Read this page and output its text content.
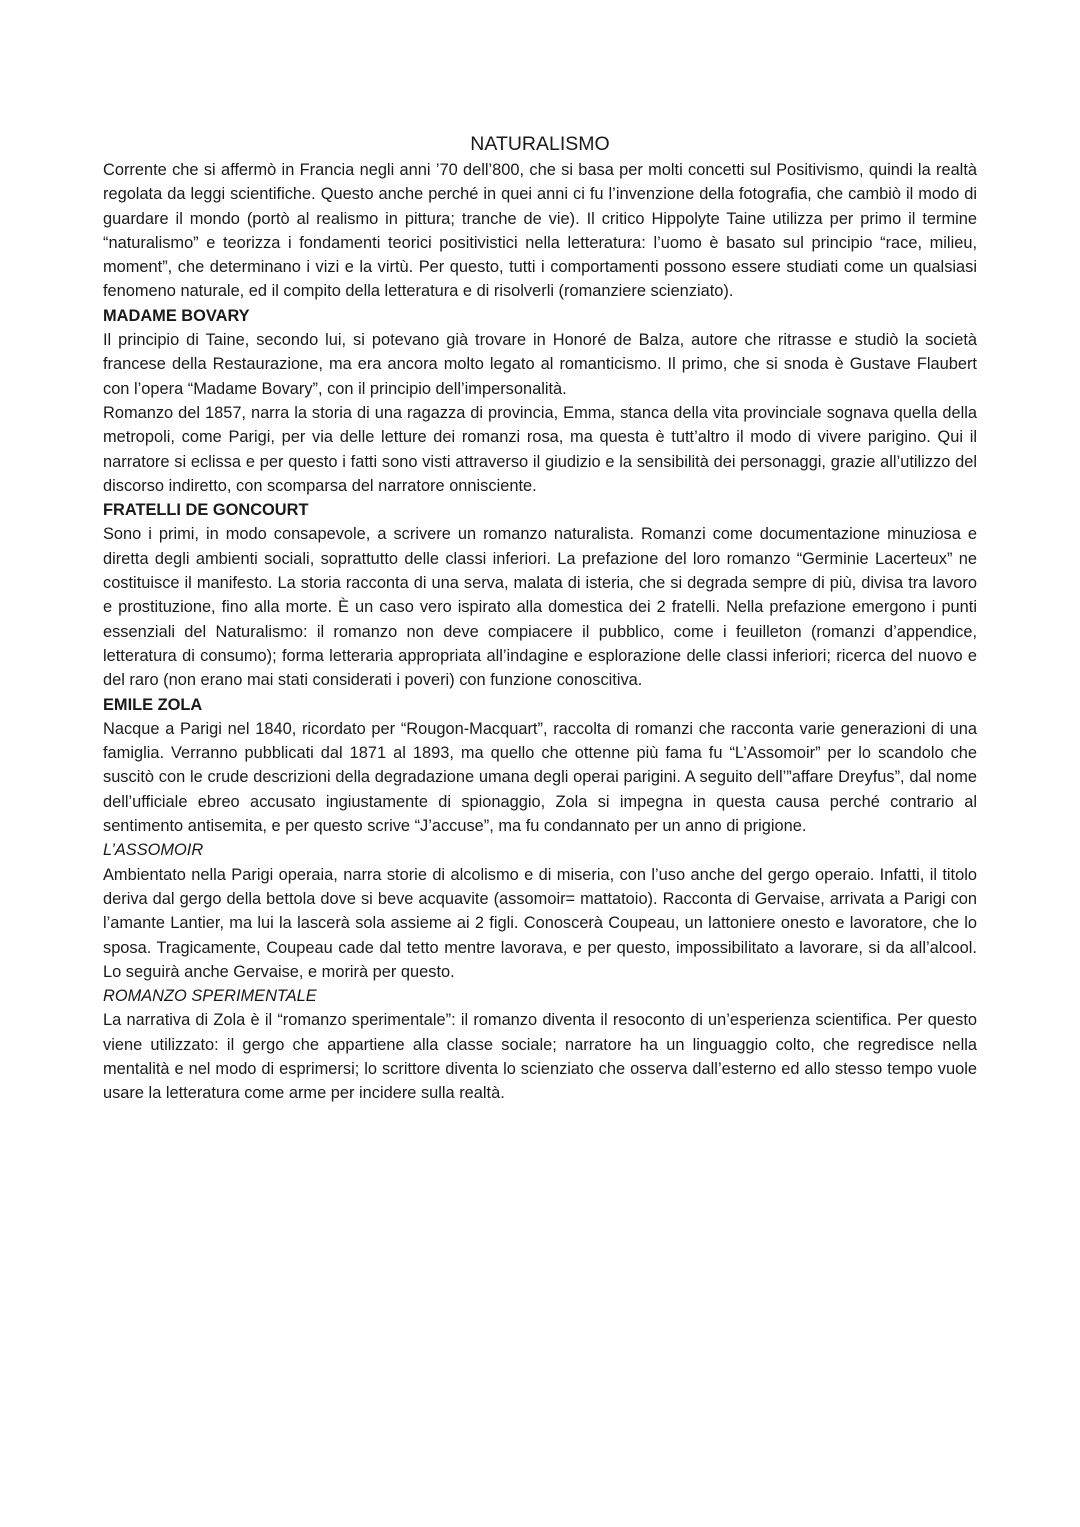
NATURALISMO

Corrente che si affermò in Francia negli anni ’70 dell’800, che si basa per molti concetti sul Positivismo, quindi la realtà regolata da leggi scientifiche. Questo anche perché in quei anni ci fu l’invenzione della fotografia, che cambiò il modo di guardare il mondo (portò al realismo in pittura; tranche de vie). Il critico Hippolyte Taine utilizza per primo il termine “naturalismo” e teorizza i fondamenti teorici positivistici nella letteratura: l’uomo è basato sul principio “race, milieu, moment”, che determinano i vizi e la virtù. Per questo, tutti i comportamenti possono essere studiati come un qualsiasi fenomeno naturale, ed il compito della letteratura e di risolverli (romanziere scienziato).

MADAME BOVARY

Il principio di Taine, secondo lui, si potevano già trovare in Honoré de Balza, autore che ritrasse e studiò la società francese della Restaurazione, ma era ancora molto legato al romanticismo. Il primo, che si snoda è Gustave Flaubert con l’opera “Madame Bovary”, con il principio dell’impersonalità.

Romanzo del 1857, narra la storia di una ragazza di provincia, Emma, stanca della vita provinciale sognava quella della metropoli, come Parigi, per via delle letture dei romanzi rosa, ma questa è tutt’altro il modo di vivere parigino. Qui il narratore si eclissa e per questo i fatti sono visti attraverso il giudizio e la sensibilità dei personaggi, grazie all’utilizzo del discorso indiretto, con scomparsa del narratore onnisciente.

FRATELLI DE GONCOURT

Sono i primi, in modo consapevole, a scrivere un romanzo naturalista. Romanzi come documentazione minuziosa e diretta degli ambienti sociali, soprattutto delle classi inferiori. La prefazione del loro romanzo “Germinie Lacerteux” ne costituisce il manifesto. La storia racconta di una serva, malata di isteria, che si degrada sempre di più, divisa tra lavoro e prostituzione, fino alla morte. È un caso vero ispirato alla domestica dei 2 fratelli. Nella prefazione emergono i punti essenziali del Naturalismo: il romanzo non deve compiacere il pubblico, come i feuilleton (romanzi d’appendice, letteratura di consumo); forma letteraria appropriata all’indagine e esplorazione delle classi inferiori; ricerca del nuovo e del raro (non erano mai stati considerati i poveri) con funzione conoscitiva.

EMILE ZOLA

Nacque a Parigi nel 1840, ricordato per “Rougon-Macquart”, raccolta di romanzi che racconta varie generazioni di una famiglia. Verranno pubblicati dal 1871 al 1893, ma quello che ottenne più fama fu “L’Assomoir” per lo scandolo che suscitò con le crude descrizioni della degradazione umana degli operai parigini. A seguito dell’”affare Dreyfus”, dal nome dell’ufficiale ebreo accusato ingiustamente di spionaggio, Zola si impegna in questa causa perché contrario al sentimento antisemita, e per questo scrive “J’accuse”, ma fu condannato per un anno di prigione.

L’ASSOMOIR

Ambientato nella Parigi operaia, narra storie di alcolismo e di miseria, con l’uso anche del gergo operaio. Infatti, il titolo deriva dal gergo della bettola dove si beve acquavite (assomoir= mattatoio). Racconta di Gervaise, arrivata a Parigi con l’amante Lantier, ma lui la lascerà sola assieme ai 2 figli. Conoscerà Coupeau, un lattoniere onesto e lavoratore, che lo sposa. Tragicamente, Coupeau cade dal tetto mentre lavorava, e per questo, impossibilitato a lavorare, si da all’alcool. Lo seguirà anche Gervaise, e morirà per questo.

ROMANZO SPERIMENTALE

La narrativa di Zola è il “romanzo sperimentale”: il romanzo diventa il resoconto di un’esperienza scientifica. Per questo viene utilizzato: il gergo che appartiene alla classe sociale; narratore ha un linguaggio colto, che regredisce nella mentalità e nel modo di esprimersi; lo scrittore diventa lo scienziato che osserva dall’esterno ed allo stesso tempo vuole usare la letteratura come arme per incidere sulla realtà.
